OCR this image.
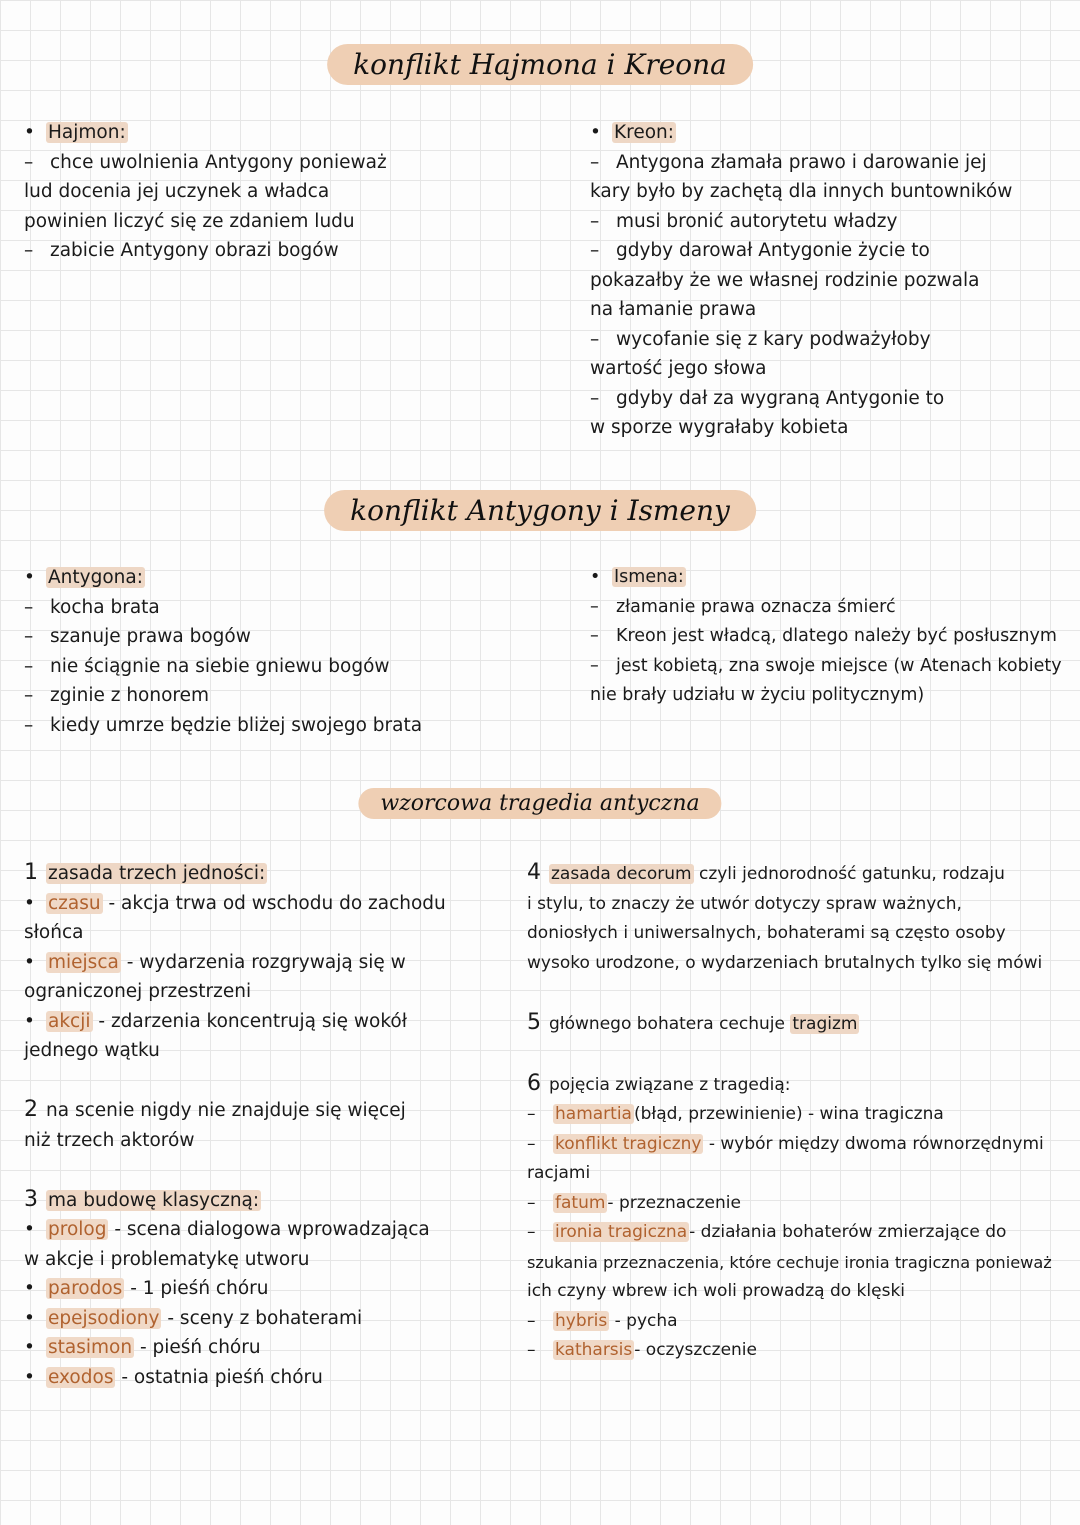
konflikt Hajmona i Kreona
• Hajmon:
– chce uwolnienia Antygony ponieważ
lud docenia jej uczynek a władca
powinien liczyć się ze zdaniem ludu
– zabicie Antygony obrazi bogów
• Kreon:
– Antygona złamała prawo i darowanie jej
kary było by zachętą dla innych buntowników
– musi bronić autorytetu władzy
– gdyby darował Antygonie życie to
pokazałby że we własnej rodzinie pozwala
na łamanie prawa
– wycofanie się z kary podważyłoby
wartość jego słowa
– gdyby dał za wygraną Antygonie to
w sporze wygrałaby kobieta
konflikt Antygony i Ismeny
• Antygona:
– kocha brata
– szanuje prawa bogów
– nie ściągnie na siebie gniewu bogów
– zginie z honorem
– kiedy umrze będzie bliżej swojego brata
• Ismena:
– złamanie prawa oznacza śmierć
– Kreon jest władcą, dlatego należy być posłusznym
– jest kobietą, zna swoje miejsce (w Atenach kobiety
nie brały udziału w życiu politycznym)
wzorcowa tragedia antyczna
1 zasada trzech jedności:
• czasu - akcja trwa od wschodu do zachodu
słońca
• miejsca - wydarzenia rozgrywają się w
ograniczonej przestrzeni
• akcji - zdarzenia koncentrują się wokół
jednego wątku

2 na scenie nigdy nie znajduje się więcej
niż trzech aktorów

3 ma budowę klasyczną:
• prolog - scena dialogowa wprowadzająca
w akcje i problematykę utworu
• parodos - 1 pieśń chóru
• epejsodiony - sceny z bohaterami
• stasimon - pieśń chóru
• exodos - ostatnia pieśń chóru
4 zasada decorum czyli jednorodność gatunku, rodzaju
i stylu, to znaczy że utwór dotyczy spraw ważnych,
doniosłych i uniwersalnych, bohaterami są często osoby
wysoko urodzone, o wydarzeniach brutalnych tylko się mówi

5 głównego bohatera cechuje tragizm

6 pojęcia związane z tragedią:
– hamartia (błąd, przewinienie) - wina tragiczna
– konflikt tragiczny - wybór między dwoma równorzędnymi
racjami
– fatum - przeznaczenie
– ironia tragiczna - działania bohaterów zmierzające do
szukania przeznaczenia, które cechuje ironia tragiczna ponieważ
ich czyny wbrew ich woli prowadzą do klęski
– hybris - pycha
– katharsis - oczyszczenie
